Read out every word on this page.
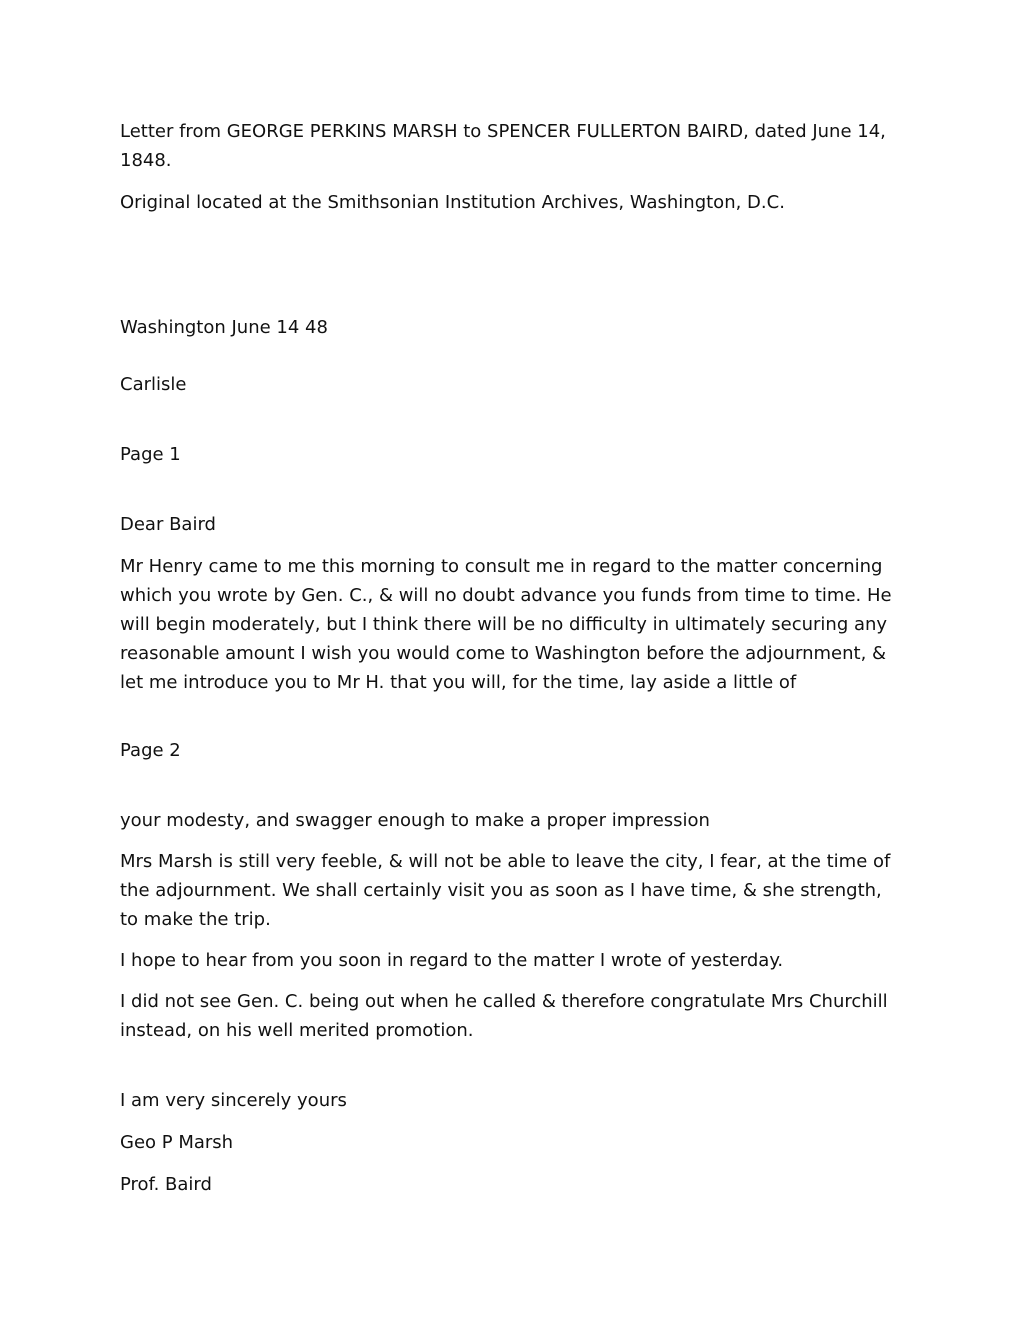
Letter from GEORGE PERKINS MARSH to SPENCER FULLERTON BAIRD, dated June 14, 1848.

Original located at the Smithsonian Institution Archives, Washington, D.C.

Washington June 14 48

Carlisle

Page 1

Dear Baird

Mr Henry came to me this morning to consult me in regard to the matter concerning which you wrote by Gen. C., & will no doubt advance you funds from time to time. He will begin moderately, but I think there will be no difficulty in ultimately securing any reasonable amount I wish you would come to Washington before the adjournment, & let me introduce you to Mr H. that you will, for the time, lay aside a little of

Page 2

your modesty, and swagger enough to make a proper impression

Mrs Marsh is still very feeble, & will not be able to leave the city, I fear, at the time of the adjournment. We shall certainly visit you as soon as I have time, & she strength, to make the trip.

I hope to hear from you soon in regard to the matter I wrote of yesterday.

I did not see Gen. C. being out when he called & therefore congratulate Mrs Churchill instead, on his well merited promotion.

I am very sincerely yours

Geo P Marsh

Prof. Baird
